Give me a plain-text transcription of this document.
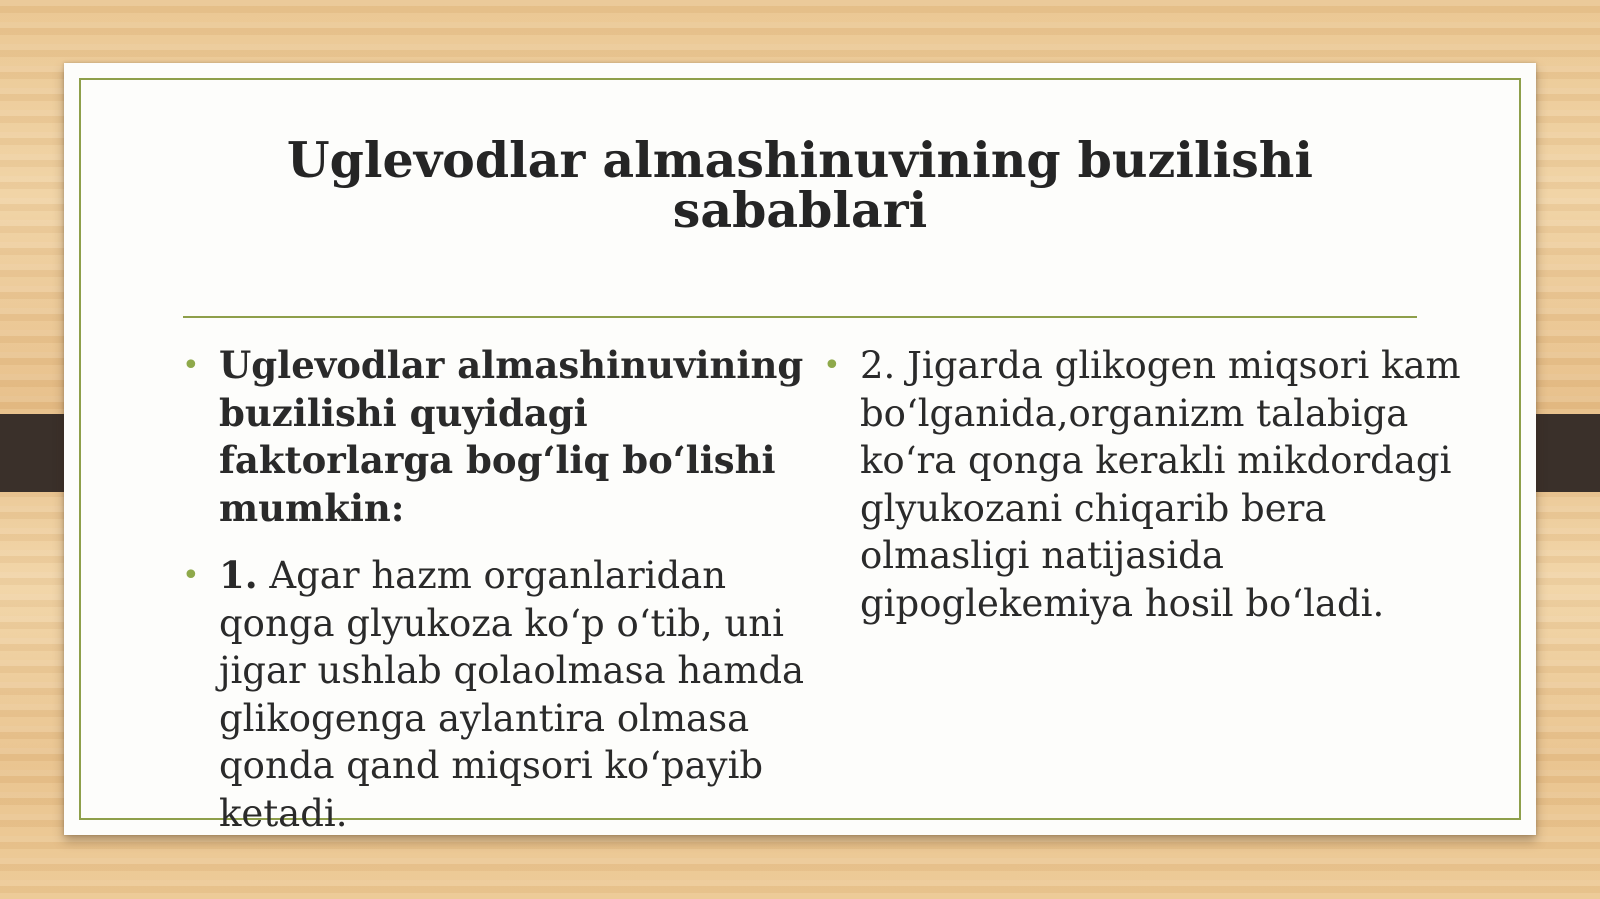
Uglevodlar almashinuvining buzilishi sabablari
• Uglevodlar almashinuvining buzilishi quyidagi faktorlarga bog‘liq bo‘lishi mumkin:
• 1. Agar hazm organlaridan qonga glyukoza ko‘p o‘tib, uni jigar ushlab qolaolmasa hamda glikogenga aylantira olmasa qonda qand miqsori ko‘payib ketadi.
• 2. Jigarda glikogen miqsori kam bo‘lganida,organizm talabiga ko‘ra qonga kerakli mikdordagi glyukozani chiqarib bera olmasligi natijasida gipoglekemiya hosil bo‘ladi.
